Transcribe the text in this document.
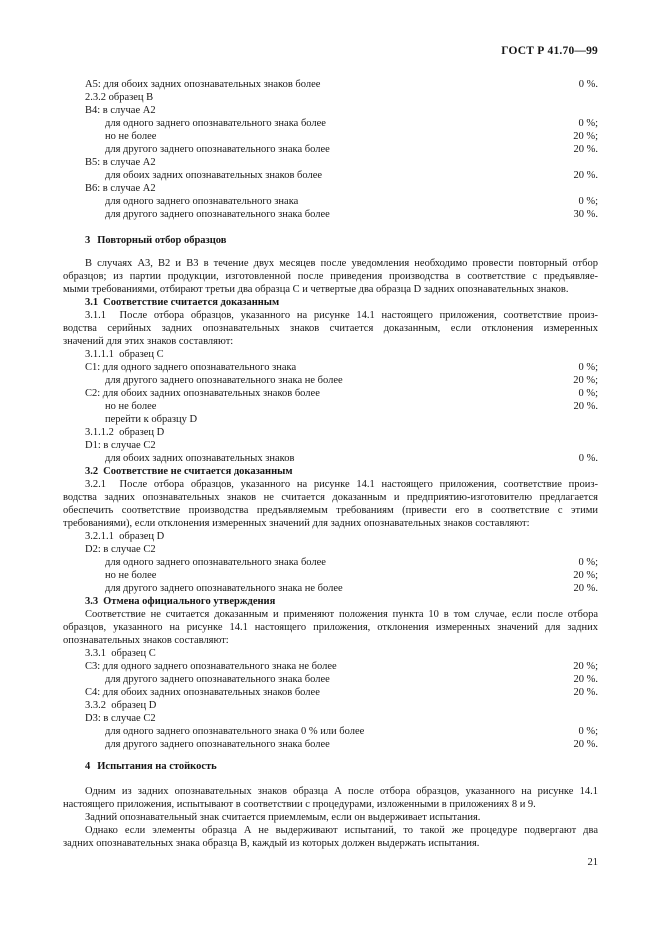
ГОСТ Р 41.70—99
А5: для обоих задних опознавательных знаков более	0 %.
2.3.2 образец В
В4: в случае А2
для одного заднего опознавательного знака более	0 %;
но не более	20 %;
для другого заднего опознавательного знака более	20 %.
В5: в случае А2
для обоих задних опознавательных знаков более	20 %.
В6: в случае А2
для одного заднего опознавательного знака	0 %;
для другого заднего опознавательного знака более	30 %.
3 Повторный отбор образцов
В случаях А3, В2 и В3 в течение двух месяцев после уведомления необходимо провести повторный отбор
образцов; из партии продукции, изготовленной после приведения производства в соответствие с предъявляе-
мыми требованиями, отбирают третьи два образца С и четвертые два образца D задних опознавательных знаков.
3.1 Соответствие считается доказанным
3.1.1  После отбора образцов, указанного на рисунке 14.1 настоящего приложения, соответствие произ-
водства серийных задних опознавательных знаков считается доказанным, если отклонения измеренных
значений для этих знаков составляют:
3.1.1.1  образец С
С1: для одного заднего опознавательного знака	0 %;
для другого заднего опознавательного знака не более	20 %;
С2: для обоих задних опознавательных знаков более	0 %;
но не более	20 %.
перейти к образцу D
3.1.1.2  образец D
D1: в случае С2
для обоих задних опознавательных знаков	0 %.
3.2 Соответствие не считается доказанным
3.2.1  После отбора образцов, указанного на рисунке 14.1 настоящего приложения, соответствие произ-
водства задних опознавательных знаков не считается доказанным и предприятию-изготовителю предлагается
обеспечить соответствие производства предъявляемым требованиям (привести его в соответствие с этими
требованиями), если отклонения измеренных значений для задних опознавательных знаков составляют:
3.2.1.1  образец D
D2: в случае С2
для одного заднего опознавательного знака более	0 %;
но не более	20 %;
для другого заднего опознавательного знака не более	20 %.
3.3 Отмена официального утверждения
Соответствие не считается доказанным и применяют положения пункта 10 в том случае, если после отбора
образцов, указанного на рисунке 14.1 настоящего приложения, отклонения измеренных значений для задних
опознавательных знаков составляют:
3.3.1  образец С
С3: для одного заднего опознавательного знака не более	20 %;
для другого заднего опознавательного знака более	20 %.
С4: для обоих задних опознавательных знаков более	20 %.
3.3.2  образец D
D3: в случае С2
для одного заднего опознавательного знака 0 % или более	0 %;
для другого заднего опознавательного знака более	20 %.
4 Испытания на стойкость
Одним из задних опознавательных знаков образца А после отбора образцов, указанного на рисунке 14.1
настоящего приложения, испытывают в соответствии с процедурами, изложенными в приложениях 8 и 9.
Задний опознавательный знак считается приемлемым, если он выдерживает испытания.
Однако если элементы образца А не выдерживают испытаний, то такой же процедуре подвергают два
задних опознавательных знака образца В, каждый из которых должен выдержать испытания.
21
